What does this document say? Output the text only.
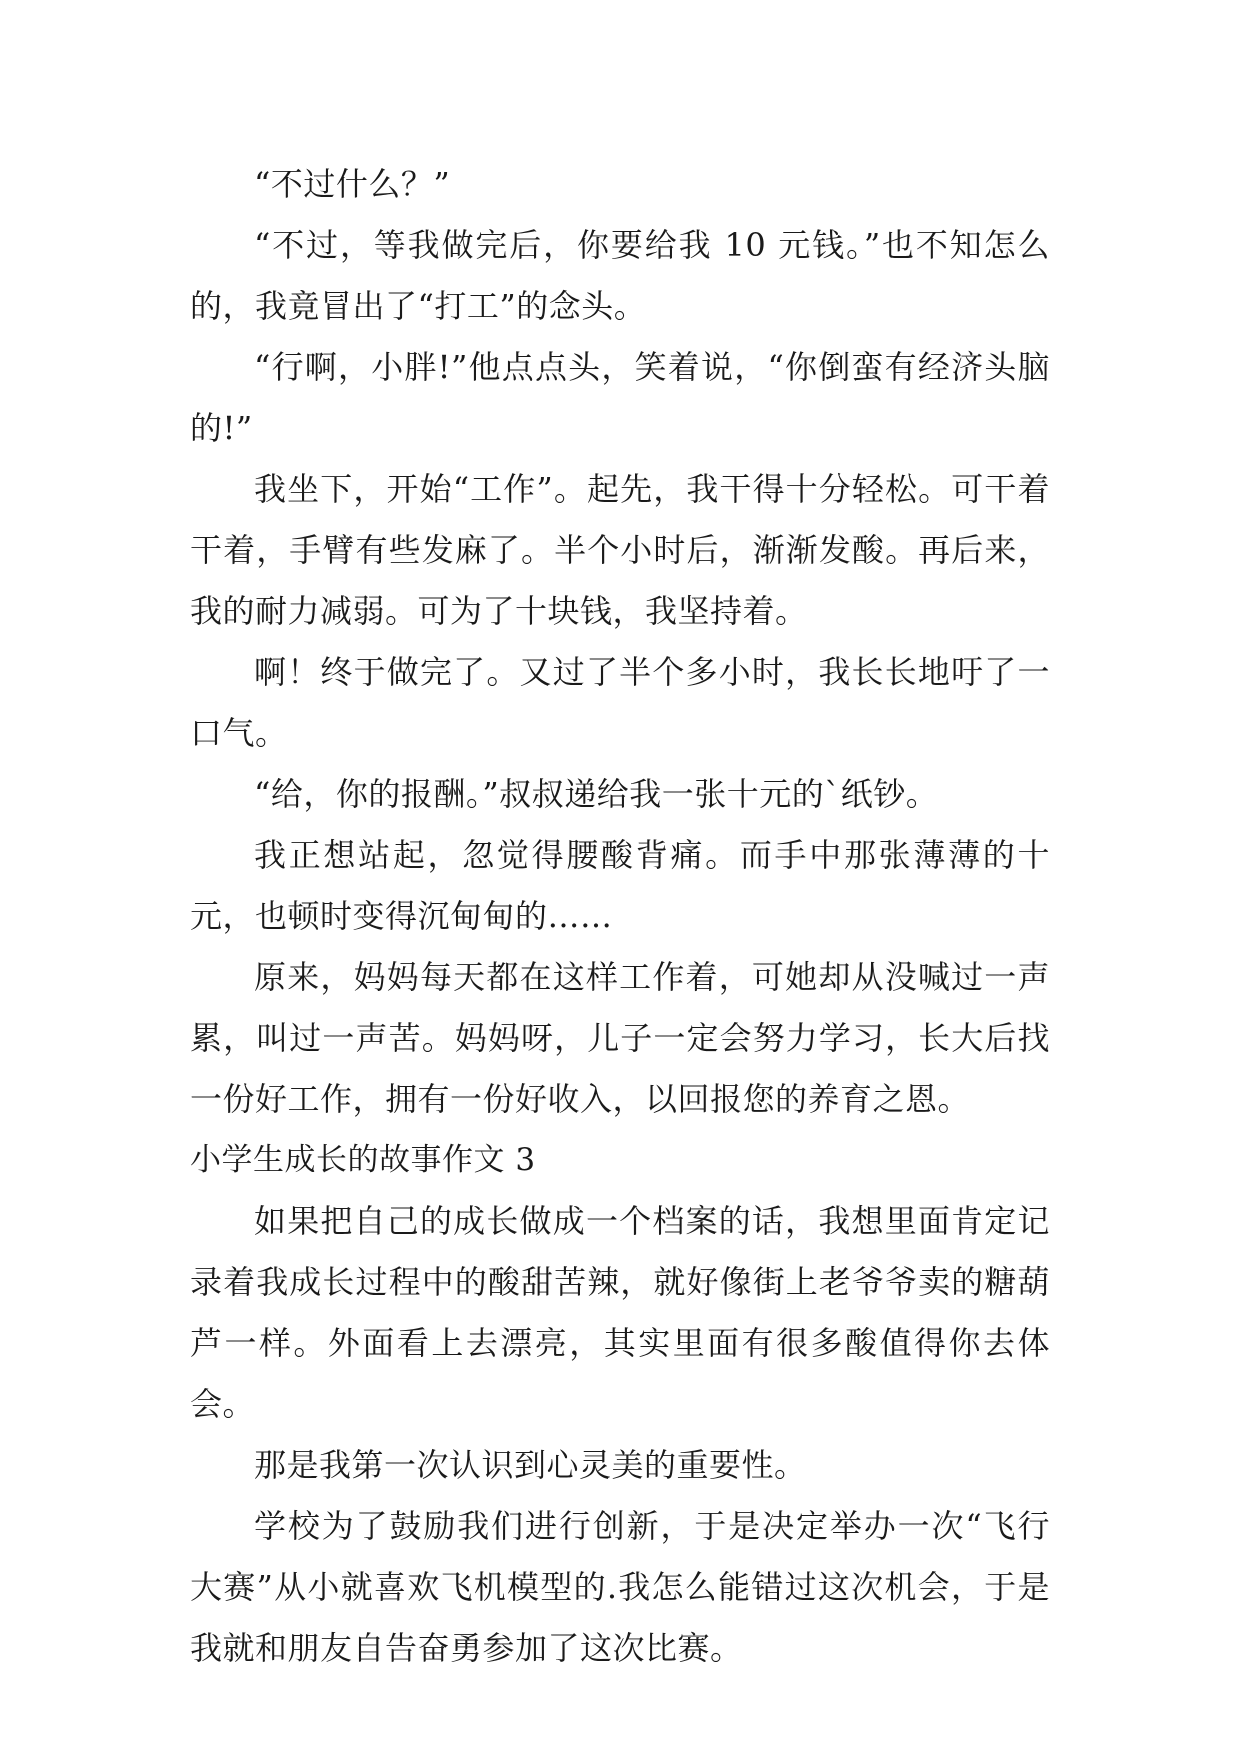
“不过什么？”

“不过，等我做完后，你要给我 10 元钱。”也不知怎么的，我竟冒出了“打工”的念头。

“行啊，小胖!”他点点头，笑着说，“你倒蛮有经济头脑的!”

我坐下，开始“工作”。起先，我干得十分轻松。可干着干着，手臂有些发麻了。半个小时后，渐渐发酸。再后来，我的耐力减弱。可为了十块钱，我坚持着。

啊！终于做完了。又过了半个多小时，我长长地吁了一口气。

“给，你的报酬。”叔叔递给我一张十元的`纸钞。

我正想站起，忽觉得腰酸背痛。而手中那张薄薄的十元，也顿时变得沉甸甸的……

原来，妈妈每天都在这样工作着，可她却从没喊过一声累，叫过一声苦。妈妈呀，儿子一定会努力学习，长大后找一份好工作，拥有一份好收入，以回报您的养育之恩。

小学生成长的故事作文 3

如果把自己的成长做成一个档案的话，我想里面肯定记录着我成长过程中的酸甜苦辣，就好像街上老爷爷卖的糖葫芦一样。外面看上去漂亮，其实里面有很多酸值得你去体会。

那是我第一次认识到心灵美的重要性。

学校为了鼓励我们进行创新，于是决定举办一次“飞行大赛”从小就喜欢飞机模型的.我怎么能错过这次机会，于是我就和朋友自告奋勇参加了这次比赛。
